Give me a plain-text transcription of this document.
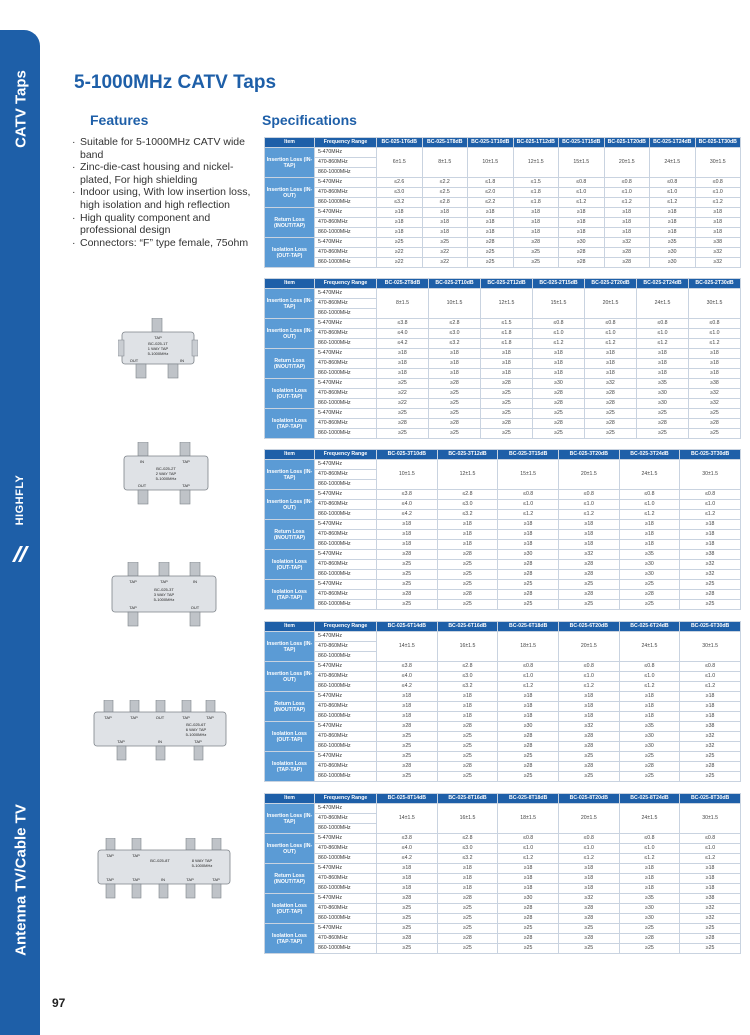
CATV Taps
HIGHFLY
Antenna TV/Cable TV
97
5-1000MHz CATV Taps
Features	Specifications
· Suitable for 5-1000MHz CATV wide band
· Zinc-die-cast housing and nickel-plated, For high shielding
· Indoor using, With low insertion loss, high isolation and high reflection
· High quality component and professional design
· Connectors: “F” type female, 75ohm
TAP
BC-025-1T
1 WAY TAP
5-1000MHz
OUT	IN
IN	TAP
BC-025-2T
2 WAY TAP
5-1000MHz
OUT	TAP
TAP	TAP	IN
BC-025-3T
3 WAY TAP
5-1000MHz
TAP	OUT
TAP	TAP	OUT	TAP	TAP
BC-025-6T
6 WAY TAP
5-1000MHz
TAP	IN	TAP
TAP	TAP
BC-025-8T	8 WAY TAP
5-1000MHz
TAP	TAP	IN	TAP	TAP
Item	Frequency Range	BC-025-1T6dB	BC-025-1T8dB	BC-025-1T10dB	BC-025-1T12dB	BC-025-1T15dB	BC-025-1T20dB	BC-025-1T24dB	BC-025-1T30dB
Insertion Loss (IN-TAP)	5-470MHz	6±1.5	8±1.5	10±1.5	12±1.5	15±1.5	20±1.5	24±1.5	30±1.5
	470-860MHz								
	860-1000MHz								
Insertion Loss (IN-OUT)	5-470MHz	≤2.6	≤2.2	≤1.8	≤1.5	≤0.8	≤0.8	≤0.8	≤0.8
	470-860MHz	≤3.0	≤2.5	≤2.0	≤1.8	≤1.0	≤1.0	≤1.0	≤1.0
	860-1000MHz	≤3.2	≤2.8	≤2.2	≤1.8	≤1.2	≤1.2	≤1.2	≤1.2
Return Loss (INOUT/TAP)	5-470MHz	≥18	≥18	≥18	≥18	≥18	≥18	≥18	≥18
	470-860MHz	≥18	≥18	≥18	≥18	≥18	≥18	≥18	≥18
	860-1000MHz	≥18	≥18	≥18	≥18	≥18	≥18	≥18	≥18
Isolation Loss (OUT-TAP)	5-470MHz	≥25	≥25	≥28	≥28	≥30	≥32	≥35	≥38
	470-860MHz	≥22	≥22	≥25	≥25	≥28	≥28	≥30	≥32
	860-1000MHz	≥22	≥22	≥25	≥25	≥28	≥28	≥30	≥32
Item	Frequency Range	BC-025-2T8dB	BC-025-2T10dB	BC-025-2T12dB	BC-025-2T15dB	BC-025-2T20dB	BC-025-2T24dB	BC-025-2T30dB
Insertion Loss (IN-TAP)	5-470MHz	8±1.5	10±1.5	12±1.5	15±1.5	20±1.5	24±1.5	30±1.5
	470-860MHz							
	860-1000MHz							
Insertion Loss (IN-OUT)	5-470MHz	≤3.8	≤2.8	≤1.5	≤0.8	≤0.8	≤0.8	≤0.8
	470-860MHz	≤4.0	≤3.0	≤1.8	≤1.0	≤1.0	≤1.0	≤1.0
	860-1000MHz	≤4.2	≤3.2	≤1.8	≤1.2	≤1.2	≤1.2	≤1.2
Return Loss (INOUT/TAP)	5-470MHz	≥18	≥18	≥18	≥18	≥18	≥18	≥18
	470-860MHz	≥18	≥18	≥18	≥18	≥18	≥18	≥18
	860-1000MHz	≥18	≥18	≥18	≥18	≥18	≥18	≥18
Isolation Loss (OUT-TAP)	5-470MHz	≥25	≥28	≥28	≥30	≥32	≥35	≥38
	470-860MHz	≥22	≥25	≥25	≥28	≥28	≥30	≥32
	860-1000MHz	≥22	≥25	≥25	≥28	≥28	≥30	≥32
Isolation Loss (TAP-TAP)	5-470MHz	≥25	≥25	≥25	≥25	≥25	≥25	≥25
	470-860MHz	≥28	≥28	≥28	≥28	≥28	≥28	≥28
	860-1000MHz	≥25	≥25	≥25	≥25	≥25	≥25	≥25
Item	Frequency Range	BC-025-3T10dB	BC-025-3T12dB	BC-025-3T15dB	BC-025-3T20dB	BC-025-3T24dB	BC-025-3T30dB
Insertion Loss (IN-TAP)	5-470MHz	10±1.5	12±1.5	15±1.5	20±1.5	24±1.5	30±1.5
	470-860MHz						
	860-1000MHz						
Insertion Loss (IN-OUT)	5-470MHz	≤3.8	≤2.8	≤0.8	≤0.8	≤0.8	≤0.8
	470-860MHz	≤4.0	≤3.0	≤1.0	≤1.0	≤1.0	≤1.0
	860-1000MHz	≤4.2	≤3.2	≤1.2	≤1.2	≤1.2	≤1.2
Return Loss (INOUT/TAP)	5-470MHz	≥18	≥18	≥18	≥18	≥18	≥18
	470-860MHz	≥18	≥18	≥18	≥18	≥18	≥18
	860-1000MHz	≥18	≥18	≥18	≥18	≥18	≥18
Isolation Loss (OUT-TAP)	5-470MHz	≥28	≥28	≥30	≥32	≥35	≥38
	470-860MHz	≥25	≥25	≥28	≥28	≥30	≥32
	860-1000MHz	≥25	≥25	≥28	≥28	≥30	≥32
Isolation Loss (TAP-TAP)	5-470MHz	≥25	≥25	≥25	≥25	≥25	≥25
	470-860MHz	≥28	≥28	≥28	≥28	≥28	≥28
	860-1000MHz	≥25	≥25	≥25	≥25	≥25	≥25
Item	Frequency Range	BC-025-6T14dB	BC-025-6T16dB	BC-025-6T18dB	BC-025-6T20dB	BC-025-6T24dB	BC-025-6T30dB
Insertion Loss (IN-TAP)	5-470MHz	14±1.5	16±1.5	18±1.5	20±1.5	24±1.5	30±1.5
	470-860MHz						
	860-1000MHz						
Insertion Loss (IN-OUT)	5-470MHz	≤3.8	≤2.8	≤0.8	≤0.8	≤0.8	≤0.8
	470-860MHz	≤4.0	≤3.0	≤1.0	≤1.0	≤1.0	≤1.0
	860-1000MHz	≤4.2	≤3.2	≤1.2	≤1.2	≤1.2	≤1.2
Return Loss (INOUT/TAP)	5-470MHz	≥18	≥18	≥18	≥18	≥18	≥18
	470-860MHz	≥18	≥18	≥18	≥18	≥18	≥18
	860-1000MHz	≥18	≥18	≥18	≥18	≥18	≥18
Isolation Loss (OUT-TAP)	5-470MHz	≥28	≥28	≥30	≥32	≥35	≥38
	470-860MHz	≥25	≥25	≥28	≥28	≥30	≥32
	860-1000MHz	≥25	≥25	≥28	≥28	≥30	≥32
Isolation Loss (TAP-TAP)	5-470MHz	≥25	≥25	≥25	≥25	≥25	≥25
	470-860MHz	≥28	≥28	≥28	≥28	≥28	≥28
	860-1000MHz	≥25	≥25	≥25	≥25	≥25	≥25
Item	Frequency Range	BC-025-8T14dB	BC-025-8T16dB	BC-025-8T18dB	BC-025-8T20dB	BC-025-8T24dB	BC-025-8T30dB
Insertion Loss (IN-TAP)	5-470MHz	14±1.5	16±1.5	18±1.5	20±1.5	24±1.5	30±1.5
	470-860MHz						
	860-1000MHz						
Insertion Loss (IN-OUT)	5-470MHz	≤3.8	≤2.8	≤0.8	≤0.8	≤0.8	≤0.8
	470-860MHz	≤4.0	≤3.0	≤1.0	≤1.0	≤1.0	≤1.0
	860-1000MHz	≤4.2	≤3.2	≤1.2	≤1.2	≤1.2	≤1.2
Return Loss (INOUT/TAP)	5-470MHz	≥18	≥18	≥18	≥18	≥18	≥18
	470-860MHz	≥18	≥18	≥18	≥18	≥18	≥18
	860-1000MHz	≥18	≥18	≥18	≥18	≥18	≥18
Isolation Loss (OUT-TAP)	5-470MHz	≥28	≥28	≥30	≥32	≥35	≥38
	470-860MHz	≥25	≥25	≥28	≥28	≥30	≥32
	860-1000MHz	≥25	≥25	≥28	≥28	≥30	≥32
Isolation Loss (TAP-TAP)	5-470MHz	≥25	≥25	≥25	≥25	≥25	≥25
	470-860MHz	≥28	≥28	≥28	≥28	≥28	≥28
	860-1000MHz	≥25	≥25	≥25	≥25	≥25	≥25
